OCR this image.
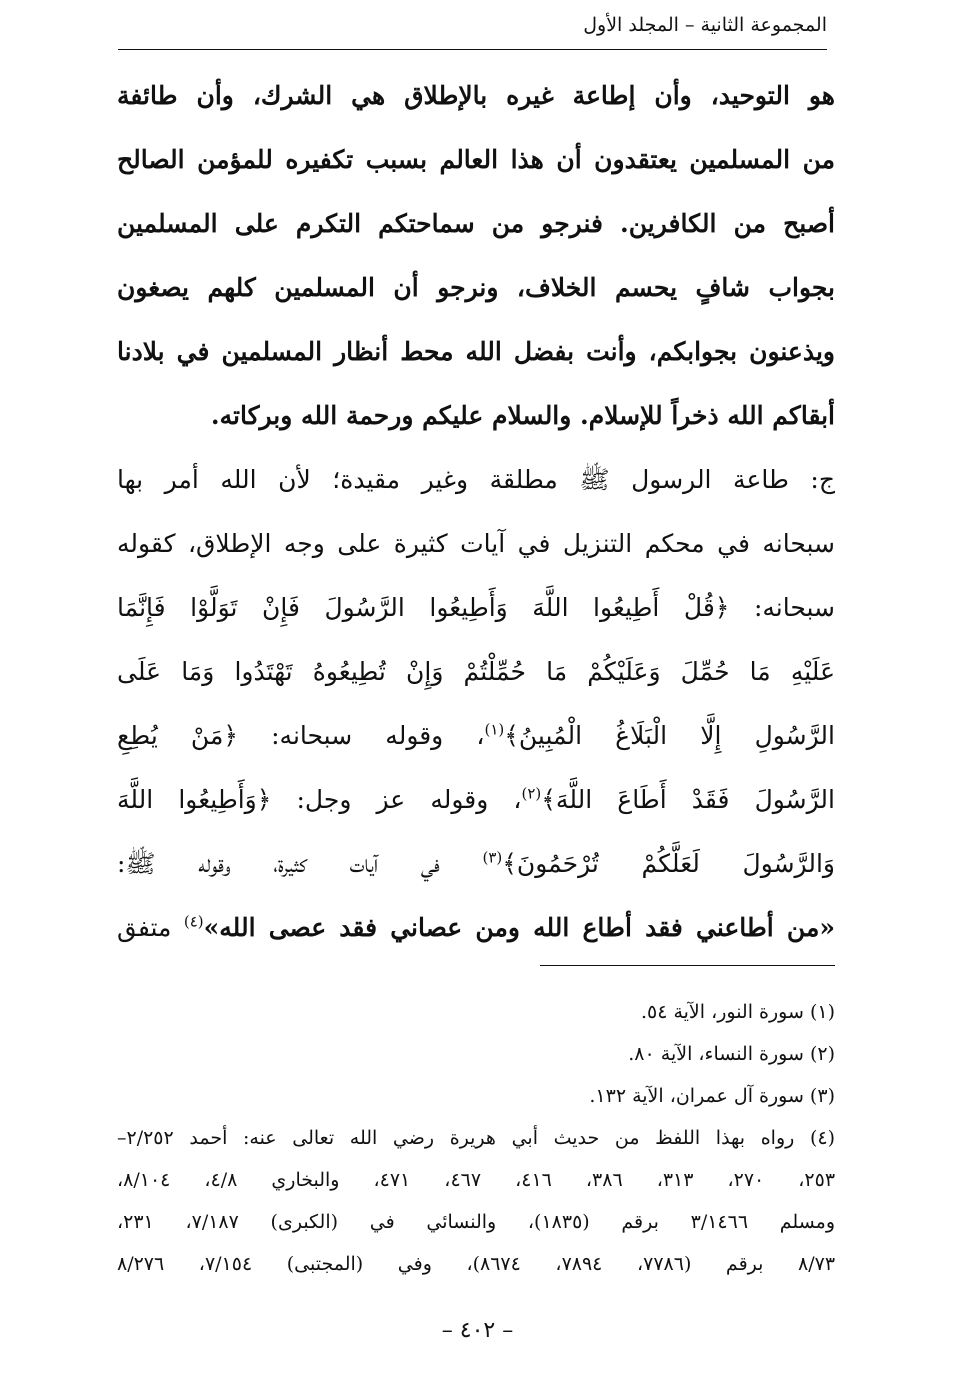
المجموعة الثانية – المجلد الأول
هو التوحيد، وأن إطاعة غيره بالإطلاق هي الشرك، وأن طائفة
من المسلمين يعتقدون أن هذا العالم بسبب تكفيره للمؤمن الصالح
أصبح من الكافرين. فنرجو من سماحتكم التكرم على المسلمين
بجواب شافٍ يحسم الخلاف، ونرجو أن المسلمين كلهم يصغون
ويذعنون بجوابكم، وأنت بفضل الله محط أنظار المسلمين في بلادنا
أبقاكم الله ذخراً للإسلام. والسلام عليكم ورحمة الله وبركاته.
ج: طاعة الرسول ﷺ مطلقة وغير مقيدة؛ لأن الله أمر بها
سبحانه في محكم التنزيل في آيات كثيرة على وجه الإطلاق، كقوله
سبحانه: ﴿قُلْ أَطِيعُوا اللَّهَ وَأَطِيعُوا الرَّسُولَ فَإِنْ تَوَلَّوْا فَإِنَّمَا
عَلَيْهِ مَا حُمِّلَ وَعَلَيْكُمْ مَا حُمِّلْتُمْ وَإِنْ تُطِيعُوهُ تَهْتَدُوا وَمَا عَلَى
الرَّسُولِ إِلَّا الْبَلَاغُ الْمُبِينُ﴾$^{(١)}$، وقوله سبحانه: ﴿مَنْ يُطِعِ
الرَّسُولَ فَقَدْ أَطَاعَ اللَّهَ﴾$^{(٢)}$، وقوله عز وجل: ﴿وَأَطِيعُوا اللَّهَ
وَالرَّسُولَ لَعَلَّكُمْ تُرْحَمُونَ﴾$^{(٣)}$ في آيات كثيرة، وقوله ﷺ:
«من أطاعني فقد أطاع الله ومن عصاني فقد عصى الله»$^{(٤)}$ متفق
(١) سورة النور، الآية ٥٤.
(٢) سورة النساء، الآية ٨٠.
(٣) سورة آل عمران، الآية ١٣٢.
(٤) رواه بهذا اللفظ من حديث أبي هريرة رضي الله تعالى عنه: أحمد ٢/٢٥٢–
٢٥٣، ٢٧٠، ٣١٣، ٣٨٦، ٤١٦، ٤٦٧، ٤٧١، والبخاري ٤/٨، ٨/١٠٤،
ومسلم ٣/١٤٦٦ برقم (١٨٣٥)، والنسائي في (الكبرى) ٧/١٨٧، ٢٣١،
٨/٧٣ برقم (٧٧٨٦، ٧٨٩٤، ٨٦٧٤)، وفي (المجتبى) ٧/١٥٤، ٨/٢٧٦
– ٤٠٢ –
